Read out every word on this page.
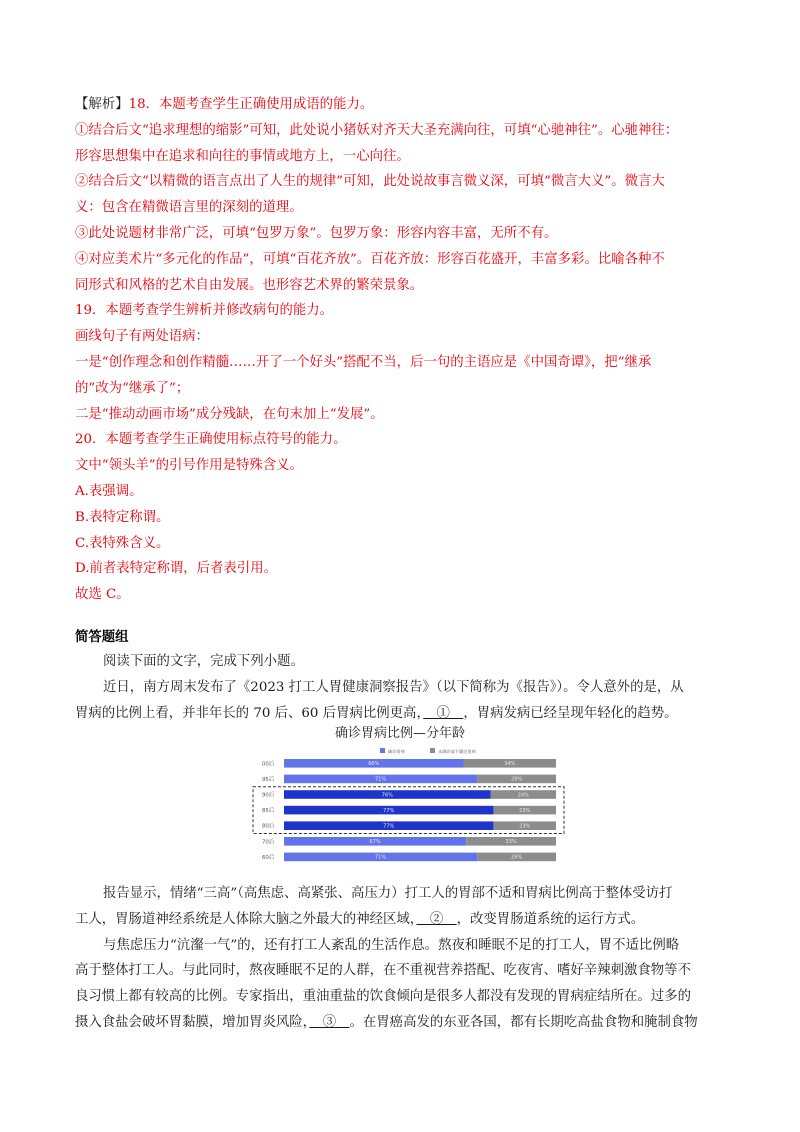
【解析】18．本题考查学生正确使用成语的能力。

①结合后文“追求理想的缩影”可知，此处说小猪妖对齐天大圣充满向往，可填“心驰神往”。心驰神往：

形容思想集中在追求和向往的事情或地方上，一心向往。

②结合后文“以精微的语言点出了人生的规律”可知，此处说故事言微义深，可填“微言大义”。微言大

义：包含在精微语言里的深刻的道理。

③此处说题材非常广泛，可填“包罗万象”。包罗万象：形容内容丰富，无所不有。

④对应美术片“多元化的作品”，可填“百花齐放”。百花齐放：形容百花盛开，丰富多彩。比喻各种不

同形式和风格的艺术自由发展。也形容艺术界的繁荣景象。

19．本题考查学生辨析并修改病句的能力。

画线句子有两处语病：

一是“创作理念和创作精髓……开了一个好头”搭配不当，后一句的主语应是《中国奇谭》，把“继承

的”改为“继承了”；

二是“推动动画市场”成分残缺，在句末加上“发展”。

20．本题考查学生正确使用标点符号的能力。

文中“领头羊”的引号作用是特殊含义。

A.表强调。

B.表特定称谓。

C.表特殊含义。

D.前者表特定称谓，后者表引用。

故选 C。

简答题组

阅读下面的文字，完成下列小题。

近日，南方周末发布了《2023 打工人胃健康洞察报告》（以下简称为《报告》）。令人意外的是，从

胃病的比例上看，并非年长的 70 后、60 后胃病比例更高，　①　，胃病发病已经呈现年轻化的趋势。

确诊胃病比例—分年龄
确诊胃病	未确诊或不确定胃病
00后	66%	34%
95后	71%	29%
90后	76%	24%
85后	77%	23%
80后	77%	23%
70后	67%	33%
60后	71%	29%

报告显示，情绪“三高”（高焦虑、高紧张、高压力）打工人的胃部不适和胃病比例高于整体受访打

工人，胃肠道神经系统是人体除大脑之外最大的神经区域，　②　，改变胃肠道系统的运行方式。

与焦虑压力“沆瀣一气”的，还有打工人紊乱的生活作息。熬夜和睡眠不足的打工人，胃不适比例略

高于整体打工人。与此同时，熬夜睡眠不足的人群，在不重视营养搭配、吃夜宵、嗜好辛辣刺激食物等不

良习惯上都有较高的比例。专家指出，重油重盐的饮食倾向是很多人都没有发现的胃病症结所在。过多的

摄入食盐会破坏胃黏膜，增加胃炎风险，　③　。在胃癌高发的东亚各国，都有长期吃高盐食物和腌制食物
